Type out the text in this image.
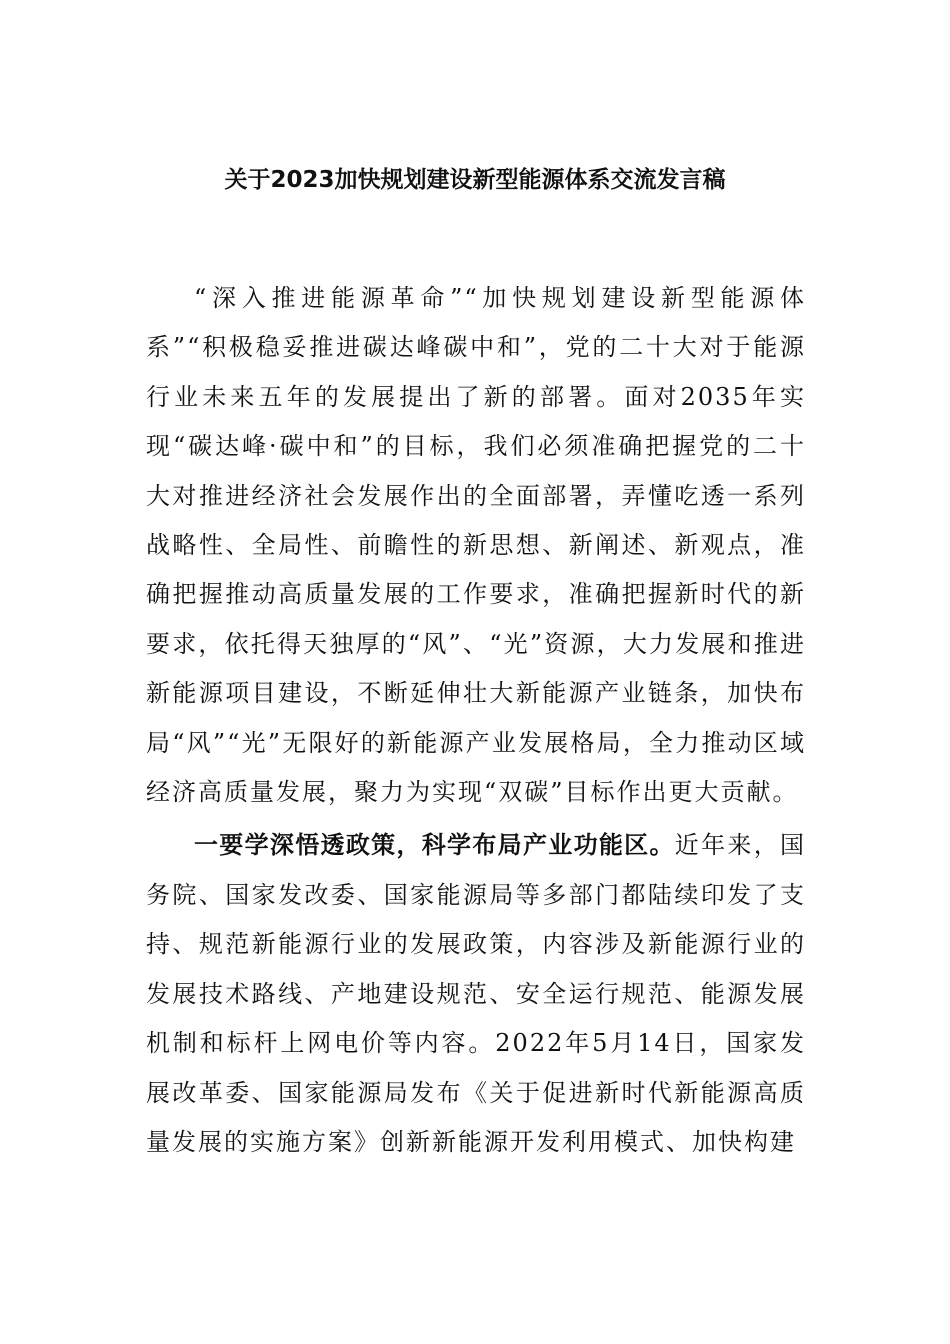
关于2023加快规划建设新型能源体系交流发言稿

“深入推进能源革命”“加快规划建设新型能源体系”“积极稳妥推进碳达峰碳中和”，党的二十大对于能源行业未来五年的发展提出了新的部署。面对2035年实现“碳达峰·碳中和”的目标，我们必须准确把握党的二十大对推进经济社会发展作出的全面部署，弄懂吃透一系列战略性、全局性、前瞻性的新思想、新阐述、新观点，准确把握推动高质量发展的工作要求，准确把握新时代的新要求，依托得天独厚的“风”、“光”资源，大力发展和推进新能源项目建设，不断延伸壮大新能源产业链条，加快布局“风”“光”无限好的新能源产业发展格局，全力推动区域经济高质量发展，聚力为实现“双碳”目标作出更大贡献。

一要学深悟透政策，科学布局产业功能区。近年来，国务院、国家发改委、国家能源局等多部门都陆续印发了支持、规范新能源行业的发展政策，内容涉及新能源行业的发展技术路线、产地建设规范、安全运行规范、能源发展机制和标杆上网电价等内容。2022年5月14日，国家发展改革委、国家能源局发布《关于促进新时代新能源高质量发展的实施方案》创新新能源开发利用模式、加快构建
